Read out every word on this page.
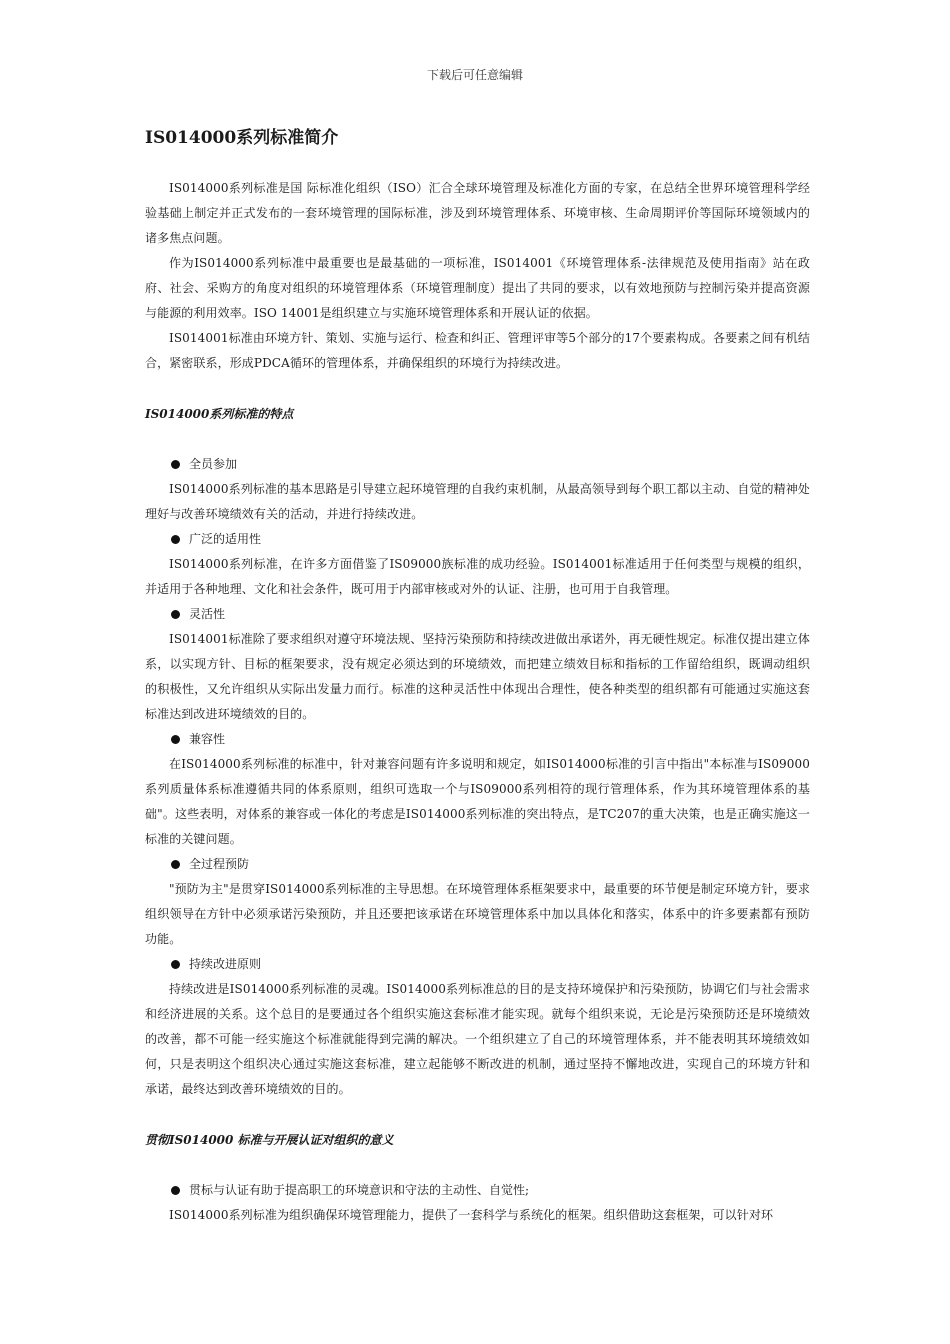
下载后可任意编辑
IS014000系列标准简介

IS014000系列标准是国 际标准化组织（ISO）汇合全球环境管理及标准化方面的专家，在总结全世界环境管理科学经验基础上制定并正式发布的一套环境管理的国际标准，涉及到环境管理体系、环境审核、生命周期评价等国际环境领域内的诸多焦点问题。

作为IS014000系列标准中最重要也是最基础的一项标准，IS014001《环境管理体系-法律规范及使用指南》站在政府、社会、采购方的角度对组织的环境管理体系（环境管理制度）提出了共同的要求，以有效地预防与控制污染并提高资源与能源的利用效率。ISO 14001是组织建立与实施环境管理体系和开展认证的依据。

IS014001标准由环境方针、策划、实施与运行、检查和纠正、管理评审等5个部分的17个要素构成。各要素之间有机结合，紧密联系，形成PDCA循环的管理体系，并确保组织的环境行为持续改进。

IS014000系列标准的特点
全员参加

IS014000系列标准的基本思路是引导建立起环境管理的自我约束机制，从最高领导到每个职工都以主动、自觉的精神处理好与改善环境绩效有关的活动，并进行持续改进。

广泛的适用性

IS014000系列标准，在许多方面借鉴了IS09000族标准的成功经验。IS014001标准适用于任何类型与规模的组织，并适用于各种地理、文化和社会条件，既可用于内部审核或对外的认证、注册，也可用于自我管理。

灵活性

IS014001标准除了要求组织对遵守环境法规、坚持污染预防和持续改进做出承诺外，再无硬性规定。标准仅提出建立体系，以实现方针、目标的框架要求，没有规定必须达到的环境绩效，而把建立绩效目标和指标的工作留给组织，既调动组织的积极性，又允许组织从实际出发量力而行。标准的这种灵活性中体现出合理性，使各种类型的组织都有可能通过实施这套标准达到改进环境绩效的目的。

兼容性

在IS014000系列标准的标准中，针对兼容问题有许多说明和规定，如IS014000标准的引言中指出"本标准与IS09000系列质量体系标准遵循共同的体系原则，组织可选取一个与IS09000系列相符的现行管理体系，作为其环境管理体系的基础"。这些表明，对体系的兼容或一体化的考虑是IS014000系列标准的突出特点，是TC207的重大决策，也是正确实施这一标准的关键问题。

全过程预防

"预防为主"是贯穿IS014000系列标准的主导思想。在环境管理体系框架要求中，最重要的环节便是制定环境方针，要求组织领导在方针中必须承诺污染预防，并且还要把该承诺在环境管理体系中加以具体化和落实，体系中的许多要素都有预防功能。

持续改进原则

持续改进是IS014000系列标准的灵魂。IS014000系列标准总的目的是支持环境保护和污染预防，协调它们与社会需求和经济进展的关系。这个总目的是要通过各个组织实施这套标准才能实现。就每个组织来说，无论是污染预防还是环境绩效的改善，都不可能一经实施这个标准就能得到完满的解决。一个组织建立了自己的环境管理体系，并不能表明其环境绩效如何，只是表明这个组织决心通过实施这套标准，建立起能够不断改进的机制，通过坚持不懈地改进，实现自己的环境方针和承诺，最终达到改善环境绩效的目的。

贯彻IS014000 标准与开展认证对组织的意义
贯标与认证有助于提高职工的环境意识和守法的主动性、自觉性;

IS014000系列标准为组织确保环境管理能力，提供了一套科学与系统化的框架。组织借助这套框架，可以针对环
